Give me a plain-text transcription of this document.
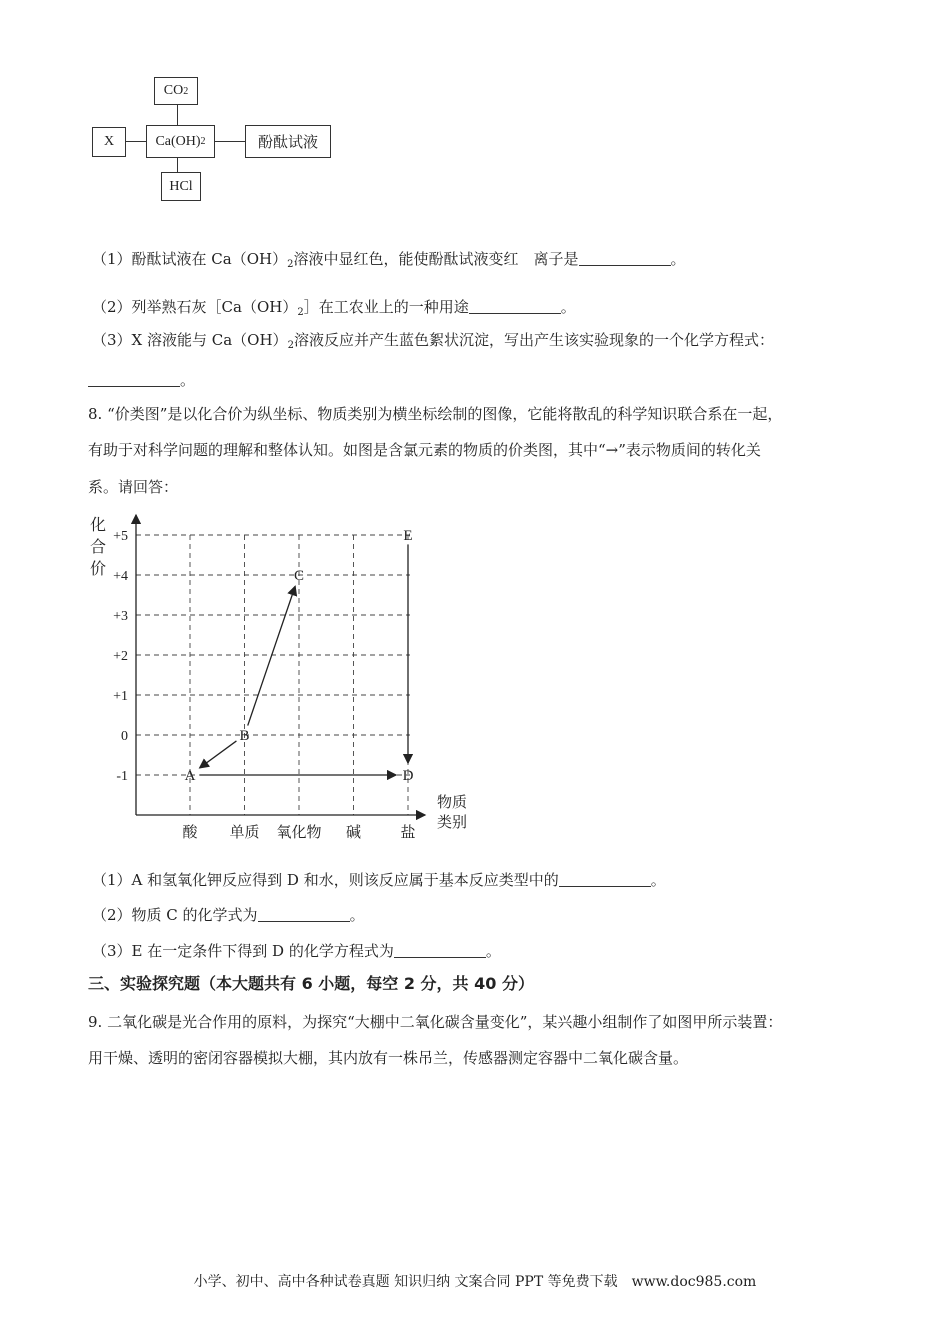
CO 2
X	Ca(OH) 2	酚酞试液
HCl
（1）酚酞试液在 $Ca(OH)_2$溶液中显红色，能使酚酞试液变红　离子是	。
（2）列举熟石灰$[Ca(OH)_2]$在工农业上的一种用途	。
（3）X 溶液能与 $Ca(OH)_2$溶液反应并产生蓝色絮状沉淀，写出产生该实验现象的一个化学方程式：
。
8. “价类图”是以化合价为纵坐标、物质类别为横坐标绘制的图像，它能将散乱的科学知识联合系在一起，
有助于对科学问题的理解和整体认知。如图是含氯元素的物质的价类图，其中“→”表示物质间的转化关
系。请回答：
化
合
价
物质
类别
+5
+4
+3
+2
+1
0
-1
酸 单质 氧化物 碱	盐
A
B
C
D
E
（1）A 和氢氧化钾反应得到 D 和水，则该反应属于基本反应类型中的	。
（2）物质 C 的化学式为	。
（3）E 在一定条件下得到 D 的化学方程式为	。
三、实验探究题（本大题共有 6 小题，每空 2 分，共 40 分）
9. 二氧化碳是光合作用的原料，为探究“大棚中二氧化碳含量变化”，某兴趣小组制作了如图甲所示装置：
用干燥、透明的密闭容器模拟大棚，其内放有一株吊兰，传感器测定容器中二氧化碳含量。
小学、初中、高中各种试卷真题 知识归纳 文案合同 PPT 等免费下载　www.doc985.com
